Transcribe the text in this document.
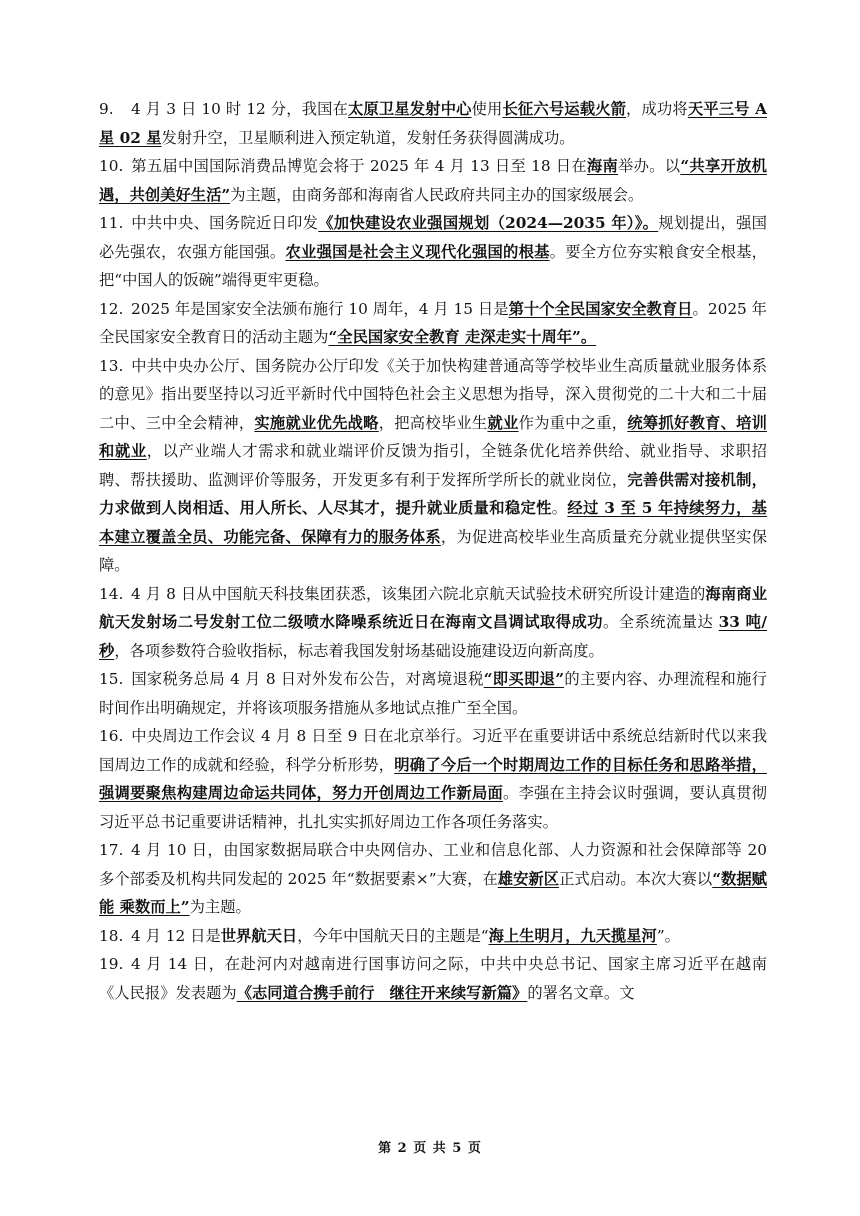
9. 4 月 3 日 10 时 12 分，我国在太原卫星发射中心使用长征六号运载火箭，成功将天平三号 A 星 02 星发射升空，卫星顺利进入预定轨道，发射任务获得圆满成功。

10. 第五届中国国际消费品博览会将于 2025 年 4 月 13 日至 18 日在海南举办。以“共享开放机遇，共创美好生活”为主题，由商务部和海南省人民政府共同主办的国家级展会。

11. 中共中央、国务院近日印发《加快建设农业强国规划（2024—2035 年）》。规划提出，强国必先强农，农强方能国强。农业强国是社会主义现代化强国的根基。要全方位夯实粮食安全根基，把“中国人的饭碗”端得更牢更稳。

12. 2025 年是国家安全法颁布施行 10 周年，4 月 15 日是第十个全民国家安全教育日。2025 年全民国家安全教育日的活动主题为“全民国家安全教育 走深走实十周年”。

13. 中共中央办公厅、国务院办公厅印发《关于加快构建普通高等学校毕业生高质量就业服务体系的意见》指出要坚持以习近平新时代中国特色社会主义思想为指导，深入贯彻党的二十大和二十届二中、三中全会精神，实施就业优先战略，把高校毕业生就业作为重中之重，统筹抓好教育、培训和就业，以产业端人才需求和就业端评价反馈为指引，全链条优化培养供给、就业指导、求职招聘、帮扶援助、监测评价等服务，开发更多有利于发挥所学所长的就业岗位，完善供需对接机制，力求做到人岗相适、用人所长、人尽其才，提升就业质量和稳定性。经过 3 至 5 年持续努力，基本建立覆盖全员、功能完备、保障有力的服务体系，为促进高校毕业生高质量充分就业提供坚实保障。

14. 4 月 8 日从中国航天科技集团获悉，该集团六院北京航天试验技术研究所设计建造的海南商业航天发射场二号发射工位二级喷水降噪系统近日在海南文昌调试取得成功。全系统流量达 33 吨/秒，各项参数符合验收指标，标志着我国发射场基础设施建设迈向新高度。

15. 国家税务总局 4 月 8 日对外发布公告，对离境退税“即买即退”的主要内容、办理流程和施行时间作出明确规定，并将该项服务措施从多地试点推广至全国。

16. 中央周边工作会议 4 月 8 日至 9 日在北京举行。习近平在重要讲话中系统总结新时代以来我国周边工作的成就和经验，科学分析形势，明确了今后一个时期周边工作的目标任务和思路举措，强调要聚焦构建周边命运共同体，努力开创周边工作新局面。李强在主持会议时强调，要认真贯彻习近平总书记重要讲话精神，扎扎实实抓好周边工作各项任务落实。

17. 4 月 10 日，由国家数据局联合中央网信办、工业和信息化部、人力资源和社会保障部等 20 多个部委及机构共同发起的 2025 年“数据要素×”大赛，在雄安新区正式启动。本次大赛以“数据赋能 乘数而上”为主题。

18. 4 月 12 日是世界航天日，今年中国航天日的主题是“海上生明月，九天揽星河”。

19. 4 月 14 日，在赴河内对越南进行国事访问之际，中共中央总书记、国家主席习近平在越南《人民报》发表题为《志同道合携手前行　继往开来续写新篇》的署名文章。文

第 2 页 共 5 页
